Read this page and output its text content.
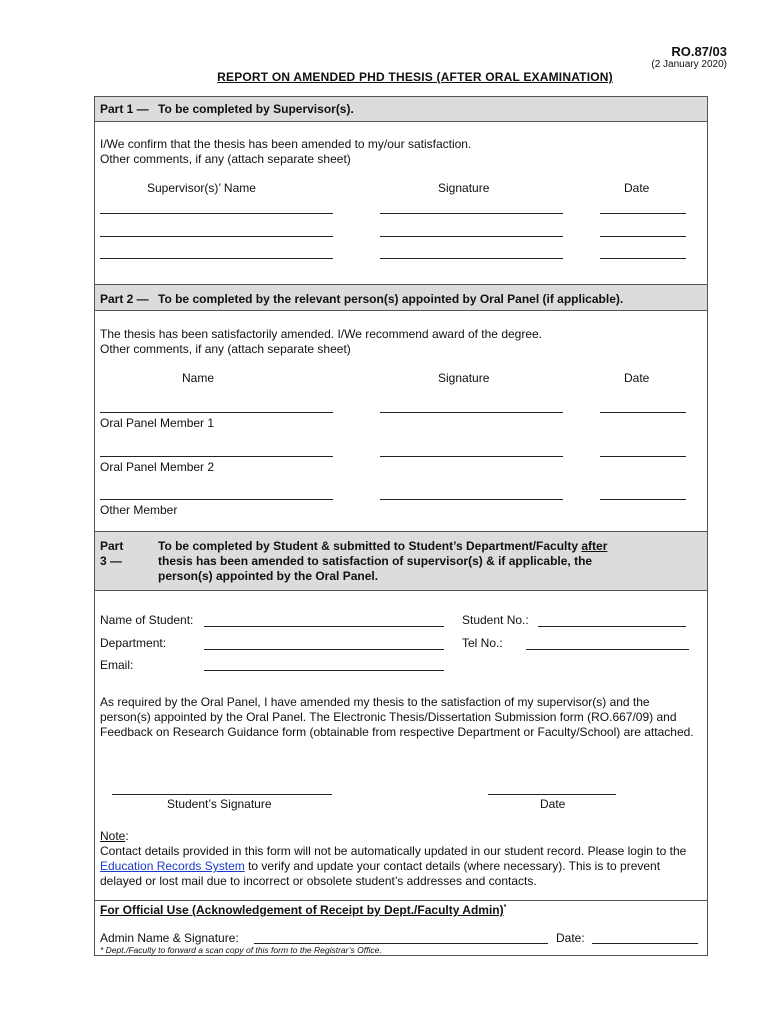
RO.87/03
(2 January 2020)
REPORT ON AMENDED PHD THESIS (AFTER ORAL EXAMINATION)
Part 1 — To be completed by Supervisor(s).
I/We confirm that the thesis has been amended to my/our satisfaction.
Other comments, if any (attach separate sheet)
Supervisor(s)’ Name	Signature	Date
Part 2 — To be completed by the relevant person(s) appointed by Oral Panel (if applicable).
The thesis has been satisfactorily amended. I/We recommend award of the degree.
Other comments, if any (attach separate sheet)
Name	Signature	Date
Oral Panel Member 1
Oral Panel Member 2
Other Member
Part 3 —
To be completed by Student & submitted to Student’s Department/Faculty after
thesis has been amended to satisfaction of supervisor(s) & if applicable, the
person(s) appointed by the Oral Panel.
Name of Student:	Student No.:
Department:	Tel No.:
Email:
As required by the Oral Panel, I have amended my thesis to the satisfaction of my supervisor(s) and the person(s) appointed by the Oral Panel. The Electronic Thesis/Dissertation Submission form (RO.667/09) and Feedback on Research Guidance form (obtainable from respective Department or Faculty/School) are attached.
Student’s Signature	Date
Note:
Contact details provided in this form will not be automatically updated in our student record. Please login to the Education Records System to verify and update your contact details (where necessary). This is to prevent delayed or lost mail due to incorrect or obsolete student’s addresses and contacts.
For Official Use (Acknowledgement of Receipt by Dept./Faculty Admin)*
Admin Name & Signature:	Date:
* Dept./Faculty to forward a scan copy of this form to the Registrar’s Office.
